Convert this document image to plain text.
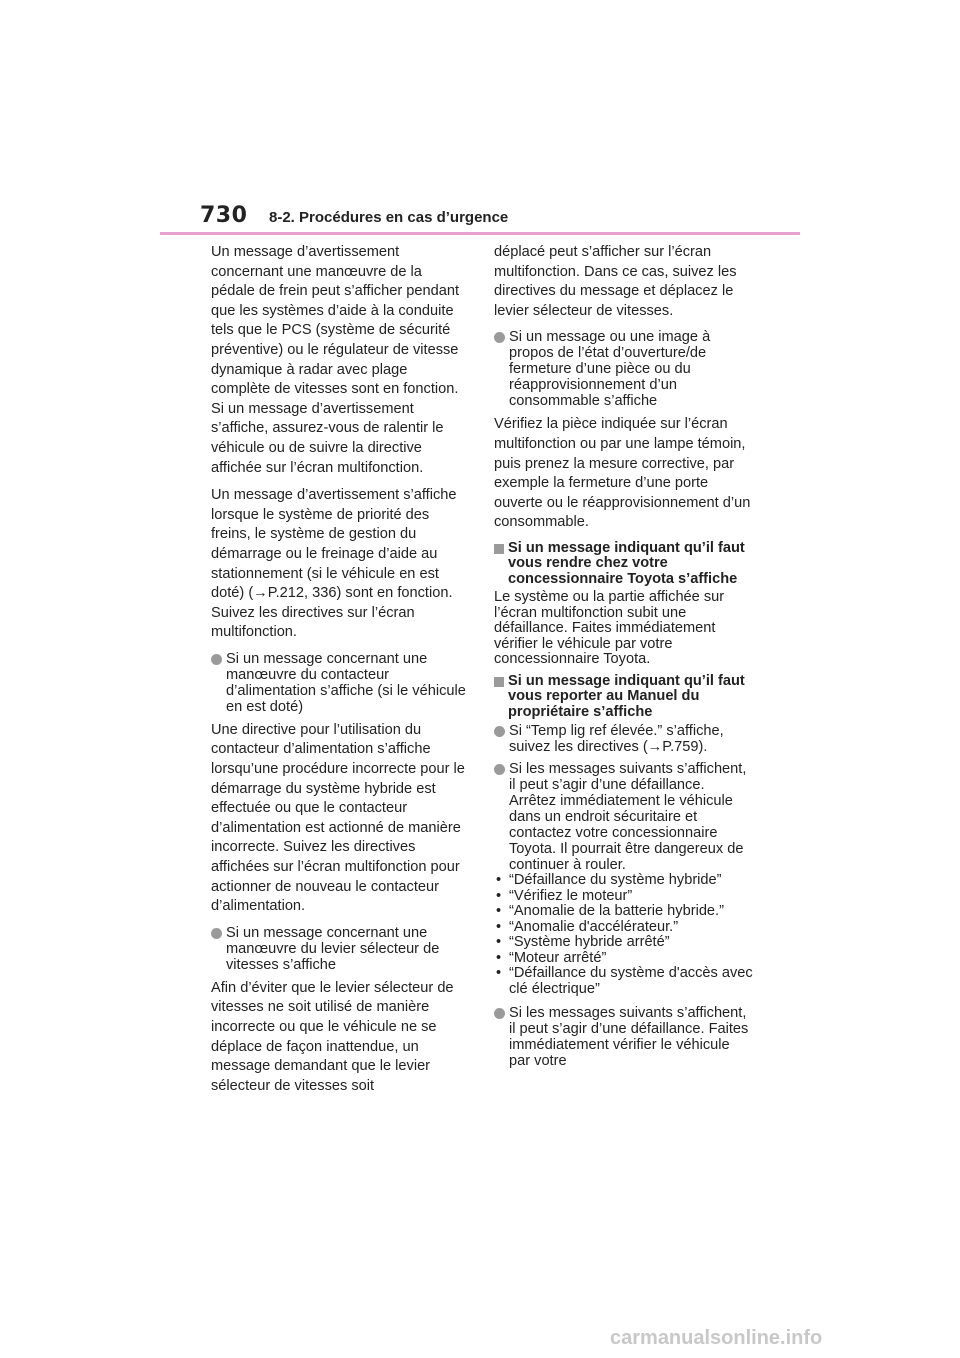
730 8-2. Procédures en cas d’urgence

Un message d’avertissement concernant une manœuvre de la pédale de frein peut s’afficher pendant que les systèmes d’aide à la conduite tels que le PCS (système de sécurité préventive) ou le régulateur de vitesse dynamique à radar avec plage complète de vitesses sont en fonction. Si un message d’avertissement s’affiche, assurez-vous de ralentir le véhicule ou de suivre la directive affichée sur l’écran multifonction.

Un message d’avertissement s’affiche lorsque le système de priorité des freins, le système de gestion du démarrage ou le freinage d’aide au stationnement (si le véhicule en est doté) (→P.212, 336) sont en fonction. Suivez les directives sur l’écran multifonction.

Si un message concernant une manœuvre du contacteur d’alimentation s’affiche (si le véhicule en est doté)

Une directive pour l’utilisation du contacteur d’alimentation s’affiche lorsqu’une procédure incorrecte pour le démarrage du système hybride est effectuée ou que le contacteur d’alimentation est actionné de manière incorrecte. Suivez les directives affichées sur l’écran multifonction pour actionner de nouveau le contacteur d’alimentation.

Si un message concernant une manœuvre du levier sélecteur de vitesses s’affiche

Afin d’éviter que le levier sélecteur de vitesses ne soit utilisé de manière incorrecte ou que le véhicule ne se déplace de façon inattendue, un message demandant que le levier sélecteur de vitesses soit

déplacé peut s’afficher sur l’écran multifonction. Dans ce cas, suivez les directives du message et déplacez le levier sélecteur de vitesses.

Si un message ou une image à propos de l’état d’ouverture/de fermeture d’une pièce ou du réapprovisionnement d’un consommable s’affiche

Vérifiez la pièce indiquée sur l’écran multifonction ou par une lampe témoin, puis prenez la mesure corrective, par exemple la fermeture d’une porte ouverte ou le réapprovisionnement d’un consommable.

Si un message indiquant qu’il faut vous rendre chez votre concessionnaire Toyota s’affiche

Le système ou la partie affichée sur l’écran multifonction subit une défaillance. Faites immédiatement vérifier le véhicule par votre concessionnaire Toyota.

Si un message indiquant qu’il faut vous reporter au Manuel du propriétaire s’affiche
Si “Temp lig ref élevée.” s’affiche, suivez les directives (→P.759).
Si les messages suivants s’affichent, il peut s’agir d’une défaillance. Arrêtez immédiatement le véhicule dans un endroit sécuritaire et contactez votre concessionnaire Toyota. Il pourrait être dangereux de continuer à rouler.
• “Défaillance du système hybride”
• “Vérifiez le moteur”
• “Anomalie de la batterie hybride.”
• “Anomalie d'accélérateur.”
• “Système hybride arrêté”
• “Moteur arrêté”
• “Défaillance du système d'accès avec clé électrique”
Si les messages suivants s’affichent, il peut s’agir d’une défaillance. Faites immédiatement vérifier le véhicule par votre
carmanualsonline.info
